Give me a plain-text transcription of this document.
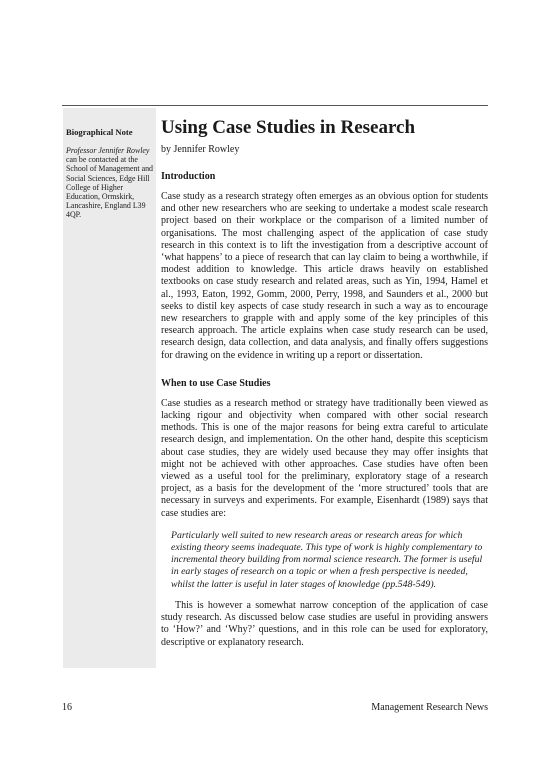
Biographical Note

Professor Jennifer Rowley can be contacted at the School of Management and Social Sciences, Edge Hill College of Higher Education, Ormskirk, Lancashire, England L39 4QP.

Using Case Studies in Research

by Jennifer Rowley

Introduction

Case study as a research strategy often emerges as an obvious option for students and other new researchers who are seeking to undertake a modest scale research project based on their workplace or the comparison of a limited number of organisations. The most challenging aspect of the application of case study research in this context is to lift the investigation from a descriptive account of ‘what happens’ to a piece of research that can lay claim to being a worthwhile, if modest addition to knowledge. This article draws heavily on established textbooks on case study research and related areas, such as Yin, 1994, Hamel et al., 1993, Eaton, 1992, Gomm, 2000, Perry, 1998, and Saunders et al., 2000 but seeks to distil key aspects of case study research in such a way as to encourage new researchers to grapple with and apply some of the key principles of this research approach. The article explains when case study research can be used, research design, data collection, and data analysis, and finally offers suggestions for drawing on the evidence in writing up a report or dissertation.

When to use Case Studies

Case studies as a research method or strategy have traditionally been viewed as lacking rigour and objectivity when compared with other social research methods. This is one of the major reasons for being extra careful to articulate research design, and implementation. On the other hand, despite this scepticism about case studies, they are widely used because they may offer insights that might not be achieved with other approaches. Case studies have often been viewed as a useful tool for the preliminary, exploratory stage of a research project, as a basis for the development of the ‘more structured’ tools that are necessary in surveys and experiments. For example, Eisenhardt (1989) says that case studies are:

Particularly well suited to new research areas or research areas for which existing theory seems inadequate. This type of work is highly complementary to incremental theory building from normal science research. The former is useful in early stages of research on a topic or when a fresh perspective is needed, whilst the latter is useful in later stages of knowledge (pp.548-549).

This is however a somewhat narrow conception of the application of case study research. As discussed below case studies are useful in providing answers to ‘How?’ and ‘Why?’ questions, and in this role can be used for exploratory, descriptive or explanatory research.

16	Management Research News
